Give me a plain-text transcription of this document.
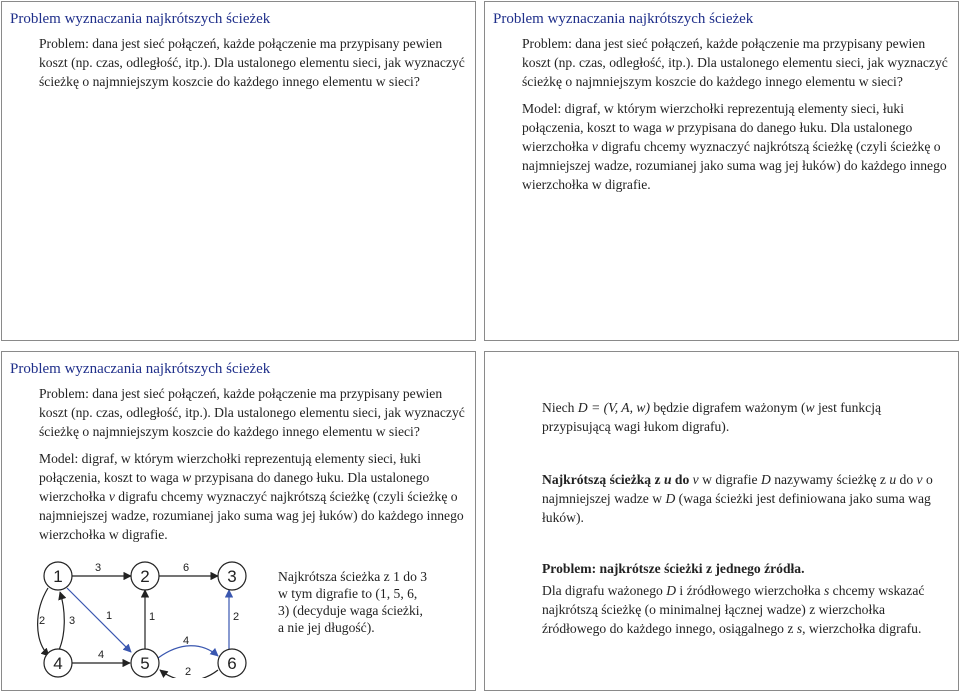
Problem wyznaczania najkrótszych ścieżek
Problem: dana jest sieć połączeń, każde połączenie ma przypisany pewien koszt (np. czas, odległość, itp.). Dla ustalonego elementu sieci, jak wyznaczyć ścieżkę o najmniejszym koszcie do każdego innego elementu w sieci?
Problem wyznaczania najkrótszych ścieżek

Problem: dana jest sieć połączeń, każde połączenie ma przypisany pewien koszt (np. czas, odległość, itp.). Dla ustalonego elementu sieci, jak wyznaczyć ścieżkę o najmniejszym koszcie do każdego innego elementu w sieci?

Model: digraf, w którym wierzchołki reprezentują elementy sieci, łuki połączenia, koszt to waga w przypisana do danego łuku. Dla ustalonego wierzchołka v digrafu chcemy wyznaczyć najkrótszą ścieżkę (czyli ścieżkę o najmniejszej wadze, rozumianej jako suma wag jej łuków) do każdego innego wierzchołka w digrafie.

Problem wyznaczania najkrótszych ścieżek

Problem: dana jest sieć połączeń, każde połączenie ma przypisany pewien koszt (np. czas, odległość, itp.). Dla ustalonego elementu sieci, jak wyznaczyć ścieżkę o najmniejszym koszcie do każdego innego elementu w sieci?

Model: digraf, w którym wierzchołki reprezentują elementy sieci, łuki połączenia, koszt to waga w przypisana do danego łuku. Dla ustalonego wierzchołka v digrafu chcemy wyznaczyć najkrótszą ścieżkę (czyli ścieżkę o najmniejszej wadze, rozumianej jako suma wag jej łuków) do każdego innego wierzchołka w digrafie.

1	2	3
4	5	6
3	6
2 3	1	1	2
4
4
2
Najkrótsza ścieżka z 1 do 3 w tym digrafie to (1, 5, 6, 3) (decyduje waga ścieżki, a nie jej długość).
Niech D = (V, A, w) będzie digrafem ważonym (w jest funkcją przypisującą wagi łukom digrafu).
Najkrótszą ścieżką z u do v w digrafie D nazywamy ścieżkę z u do v o najmniejszej wadze w D (waga ścieżki jest definiowana jako suma wag łuków).
Problem: najkrótsze ścieżki z jednego źródła.
Dla digrafu ważonego D i źródłowego wierzchołka s chcemy wskazać najkrótszą ścieżkę (o minimalnej łącznej wadze) z wierzchołka źródłowego do każdego innego, osiągalnego z s, wierzchołka digrafu.
